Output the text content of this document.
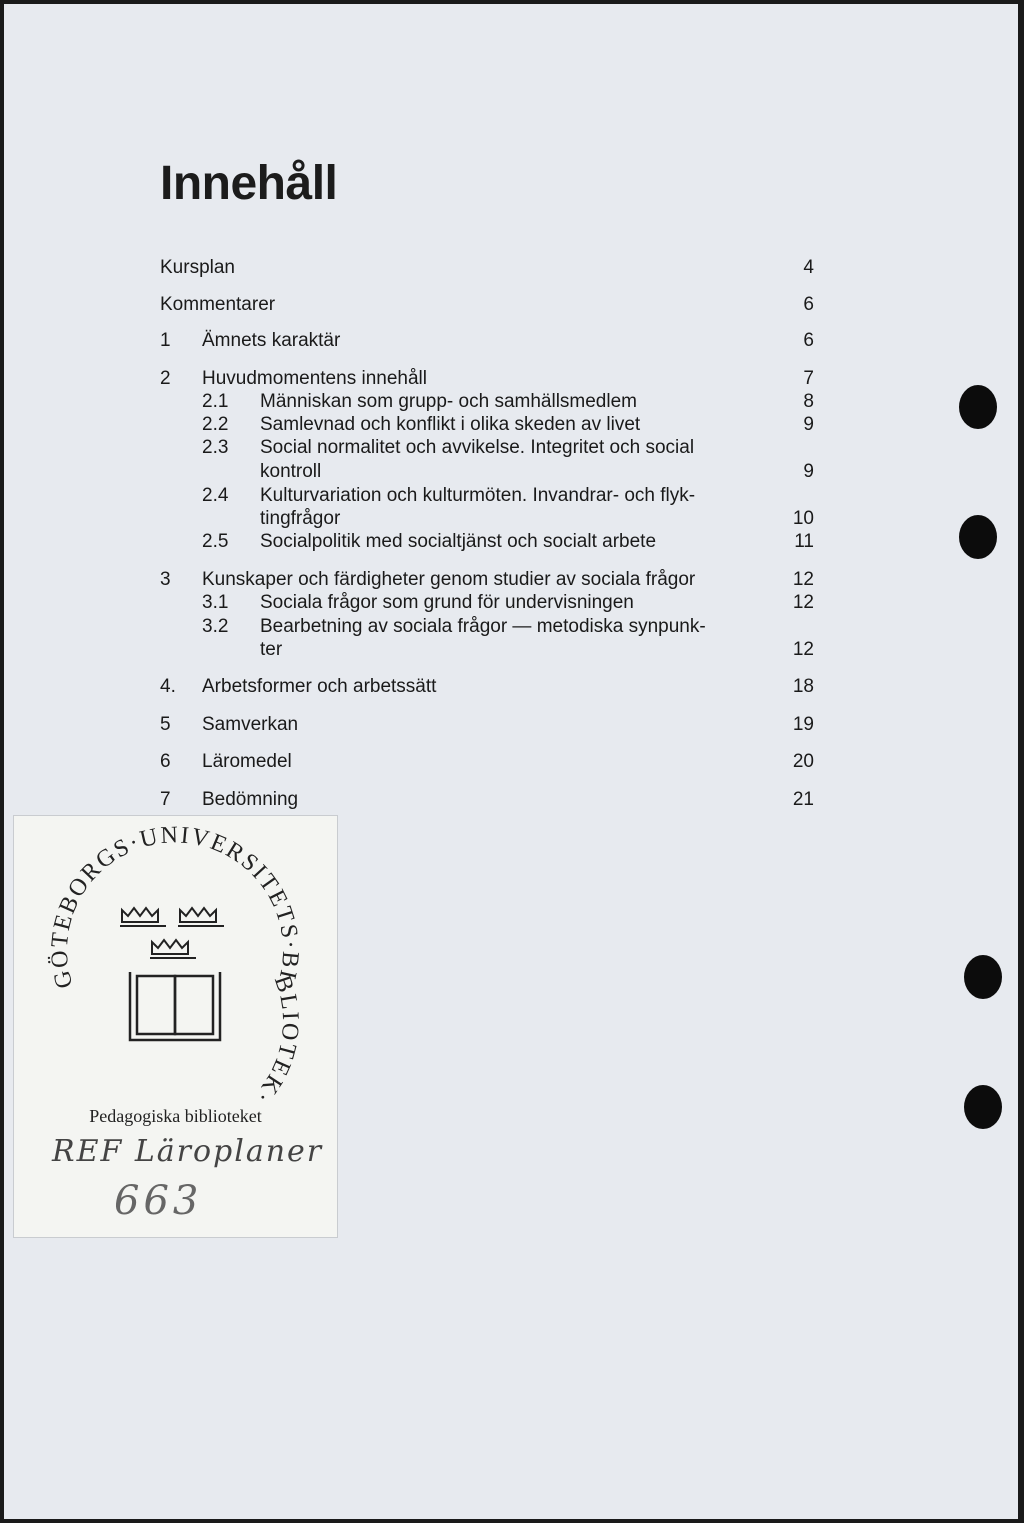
Innehåll
Kursplan	4
Kommentarer	6
1 Ämnets karaktär	6
2 Huvudmomentens innehåll	7
2.1 Människan som grupp- och samhällsmedlem	8
2.2 Samlevnad och konflikt i olika skeden av livet	9
2.3 Social normalitet och avvikelse. Integritet och social
kontroll	9
2.4 Kulturvariation och kulturmöten. Invandrar- och flyk-
tingfrågor	10
2.5 Socialpolitik med socialtjänst och socialt arbete	11
3 Kunskaper och färdigheter genom studier av sociala frågor	12
3.1 Sociala frågor som grund för undervisningen	12
3.2 Bearbetning av sociala frågor — metodiska synpunk-
ter	12
4. Arbetsformer och arbetssätt	18
5 Samverkan	19
6 Läromedel	20
7 Bedömning	21
GÖTEBORGS·UNIVERSITETS·BIBLIOTEK·
Pedagogiska biblioteket
REF Läroplaner
663
